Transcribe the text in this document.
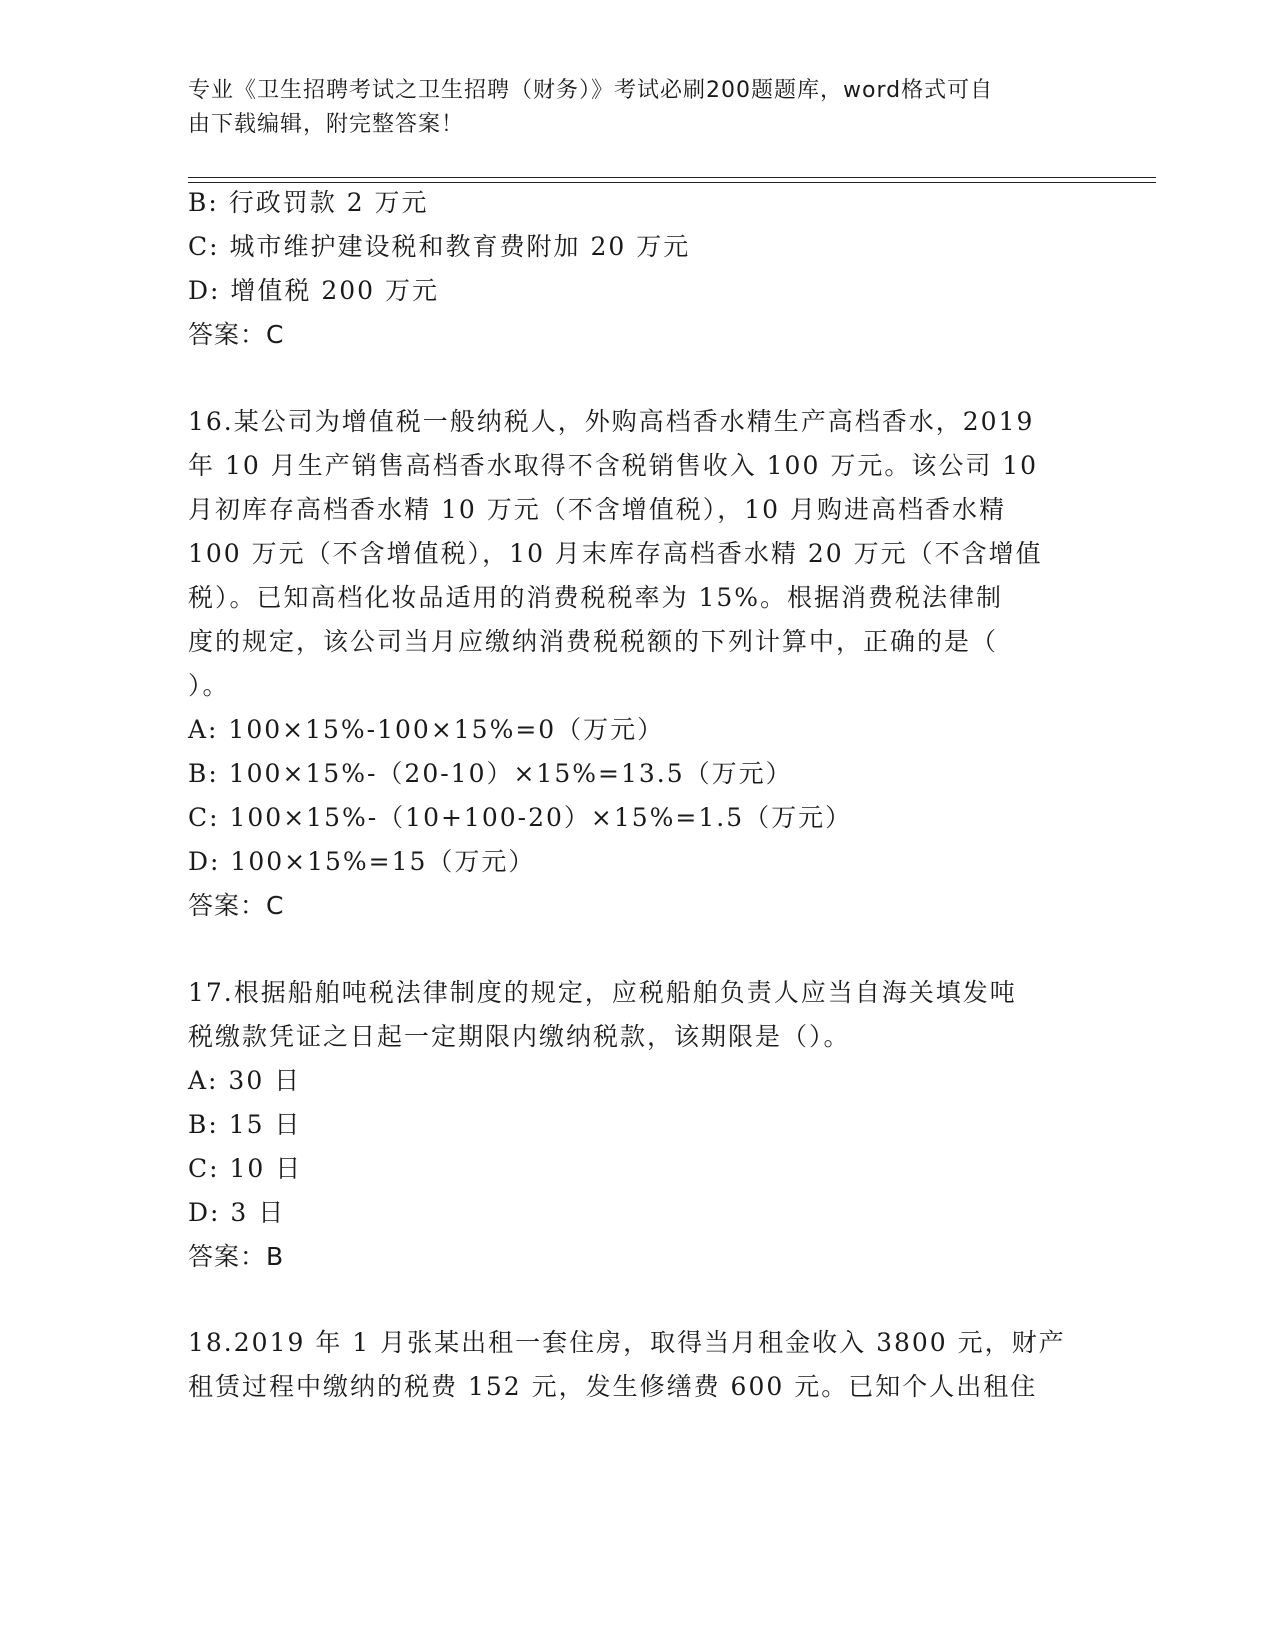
专业《卫生招聘考试之卫生招聘（财务）》考试必刷200题题库，word格式可自
由下载编辑，附完整答案！
B: 行政罚款 2 万元
C: 城市维护建设税和教育费附加 20 万元
D: 增值税 200 万元
答案：C
16.某公司为增值税一般纳税人，外购高档香水精生产高档香水，2019
年 10 月生产销售高档香水取得不含税销售收入 100 万元。该公司 10
月初库存高档香水精 10 万元（不含增值税），10 月购进高档香水精
100 万元（不含增值税），10 月末库存高档香水精 20 万元（不含增值
税）。已知高档化妆品适用的消费税税率为 15%。根据消费税法律制
度的规定，该公司当月应缴纳消费税税额的下列计算中，正确的是（
）。
A: 100×15%-100×15%=0（万元）
B: 100×15%-（20-10）×15%=13.5（万元）
C: 100×15%-（10+100-20）×15%=1.5（万元）
D: 100×15%=15（万元）
答案：C
17.根据船舶吨税法律制度的规定，应税船舶负责人应当自海关填发吨
税缴款凭证之日起一定期限内缴纳税款，该期限是（）。
A: 30 日
B: 15 日
C: 10 日
D: 3 日
答案：B
18.2019 年 1 月张某出租一套住房，取得当月租金收入 3800 元，财产
租赁过程中缴纳的税费 152 元，发生修缮费 600 元。已知个人出租住
